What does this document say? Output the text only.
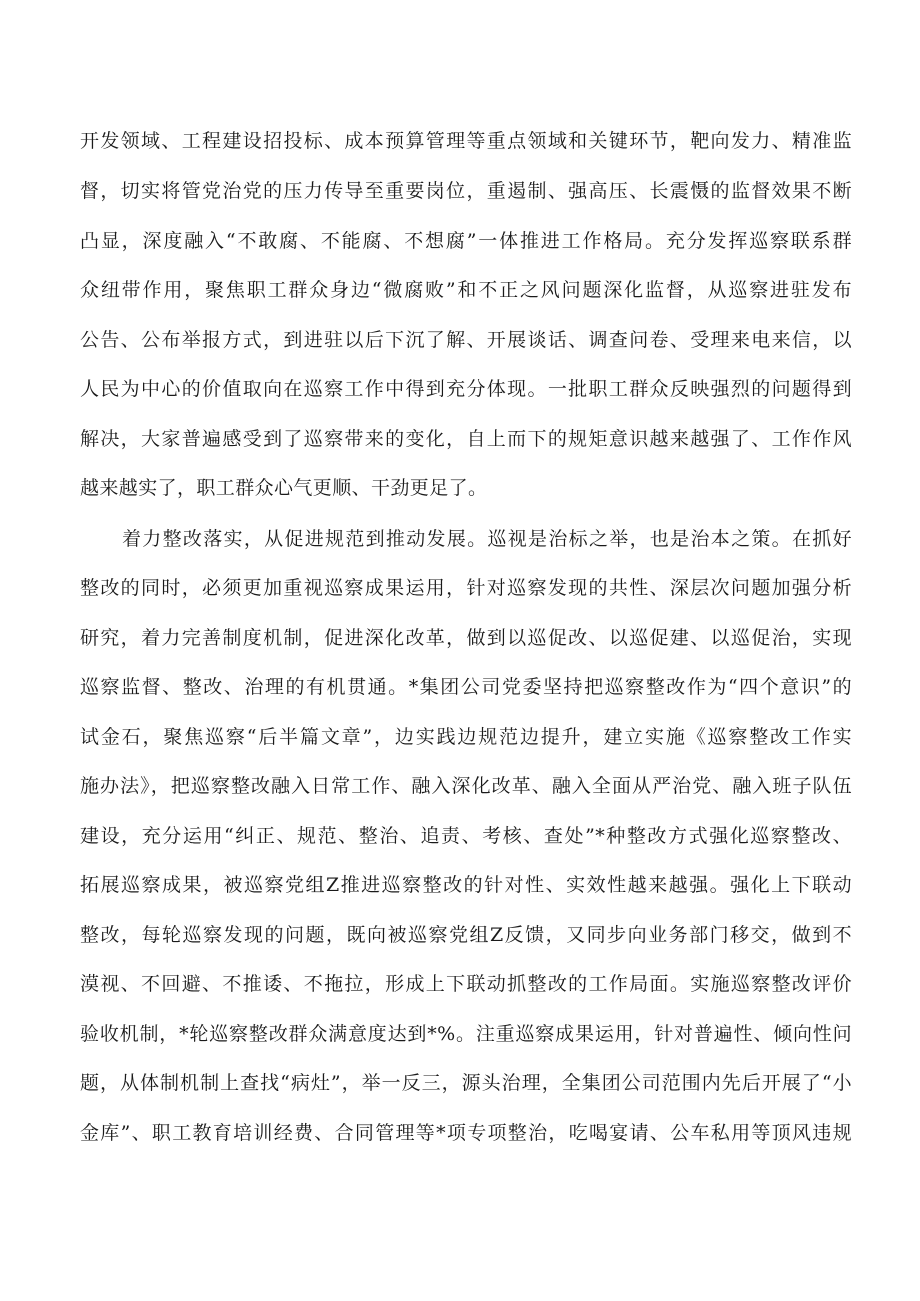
开发领域、工程建设招投标、成本预算管理等重点领域和关键环节，靶向发力、精准监
督，切实将管党治党的压力传导至重要岗位，重遏制、强高压、长震慑的监督效果不断
凸显，深度融入“不敢腐、不能腐、不想腐”一体推进工作格局。充分发挥巡察联系群
众纽带作用，聚焦职工群众身边“微腐败”和不正之风问题深化监督，从巡察进驻发布
公告、公布举报方式，到进驻以后下沉了解、开展谈话、调查问卷、受理来电来信，以
人民为中心的价值取向在巡察工作中得到充分体现。一批职工群众反映强烈的问题得到
解决，大家普遍感受到了巡察带来的变化，自上而下的规矩意识越来越强了、工作作风
越来越实了，职工群众心气更顺、干劲更足了。
着力整改落实，从促进规范到推动发展。巡视是治标之举，也是治本之策。在抓好
整改的同时，必须更加重视巡察成果运用，针对巡察发现的共性、深层次问题加强分析
研究，着力完善制度机制，促进深化改革，做到以巡促改、以巡促建、以巡促治，实现
巡察监督、整改、治理的有机贯通。*集团公司党委坚持把巡察整改作为“四个意识”的
试金石，聚焦巡察“后半篇文章”，边实践边规范边提升，建立实施《巡察整改工作实
施办法》，把巡察整改融入日常工作、融入深化改革、融入全面从严治党、融入班子队伍
建设，充分运用“纠正、规范、整治、追责、考核、查处”*种整改方式强化巡察整改、
拓展巡察成果，被巡察党组Z推进巡察整改的针对性、实效性越来越强。强化上下联动
整改，每轮巡察发现的问题，既向被巡察党组Z反馈，又同步向业务部门移交，做到不
漠视、不回避、不推诿、不拖拉，形成上下联动抓整改的工作局面。实施巡察整改评价
验收机制，*轮巡察整改群众满意度达到*%。注重巡察成果运用，针对普遍性、倾向性问
题，从体制机制上查找“病灶”，举一反三，源头治理，全集团公司范围内先后开展了“小
金库”、职工教育培训经费、合同管理等*项专项整治，吃喝宴请、公车私用等顶风违规
